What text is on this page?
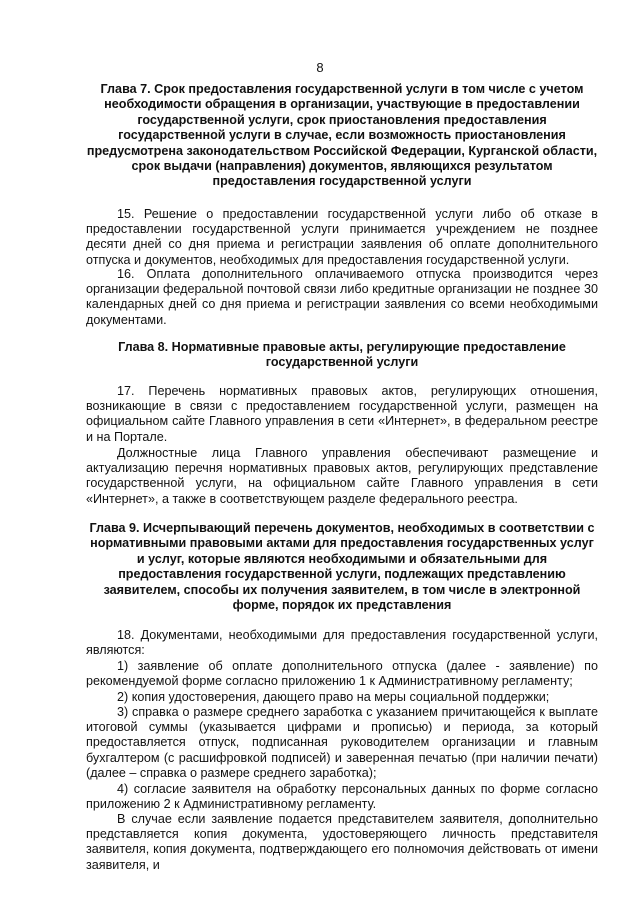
8
Глава 7. Срок предоставления государственной услуги в том числе с учетом необходимости обращения в организации, участвующие в предоставлении государственной услуги, срок приостановления предоставления государственной услуги в случае, если возможность приостановления предусмотрена законодательством Российской Федерации, Курганской области, срок выдачи (направления) документов, являющихся результатом предоставления государственной услуги
15. Решение о предоставлении государственной услуги либо об отказе в предоставлении государственной услуги принимается учреждением не позднее десяти дней со дня приема и регистрации заявления об оплате дополнительного отпуска и документов, необходимых для предоставления государственной услуги.
16. Оплата дополнительного оплачиваемого отпуска производится через организации федеральной почтовой связи либо кредитные организации не позднее 30 календарных дней со дня приема и регистрации заявления со всеми необходимыми документами.
Глава 8. Нормативные правовые акты, регулирующие предоставление государственной услуги
17. Перечень нормативных правовых актов, регулирующих отношения, возникающие в связи с предоставлением государственной услуги, размещен на официальном сайте Главного управления в сети «Интернет», в федеральном реестре и на Портале.
Должностные лица Главного управления обеспечивают размещение и актуализацию перечня нормативных правовых актов, регулирующих представление государственной услуги, на официальном сайте Главного управления в сети «Интернет», а также в соответствующем разделе федерального реестра.
Глава 9. Исчерпывающий перечень документов, необходимых в соответствии с нормативными правовыми актами для предоставления государственных услуг и услуг, которые являются необходимыми и обязательными для предоставления государственной услуги, подлежащих представлению заявителем, способы их получения заявителем, в том числе в электронной форме, порядок их представления
18. Документами, необходимыми для предоставления государственной услуги, являются:
1) заявление об оплате дополнительного отпуска (далее - заявление) по рекомендуемой форме согласно приложению 1 к Административному регламенту;
2) копия удостоверения, дающего право на меры социальной поддержки;
3) справка о размере среднего заработка с указанием причитающейся к выплате итоговой суммы (указывается цифрами и прописью) и периода, за который предоставляется отпуск, подписанная руководителем организации и главным бухгалтером (с расшифровкой подписей) и заверенная печатью (при наличии печати) (далее – справка о размере среднего заработка);
4) согласие заявителя на обработку персональных данных по форме согласно приложению 2 к Административному регламенту.
В случае если заявление подается представителем заявителя, дополнительно представляется копия документа, удостоверяющего личность представителя заявителя, копия документа, подтверждающего его полномочия действовать от имени заявителя, и
